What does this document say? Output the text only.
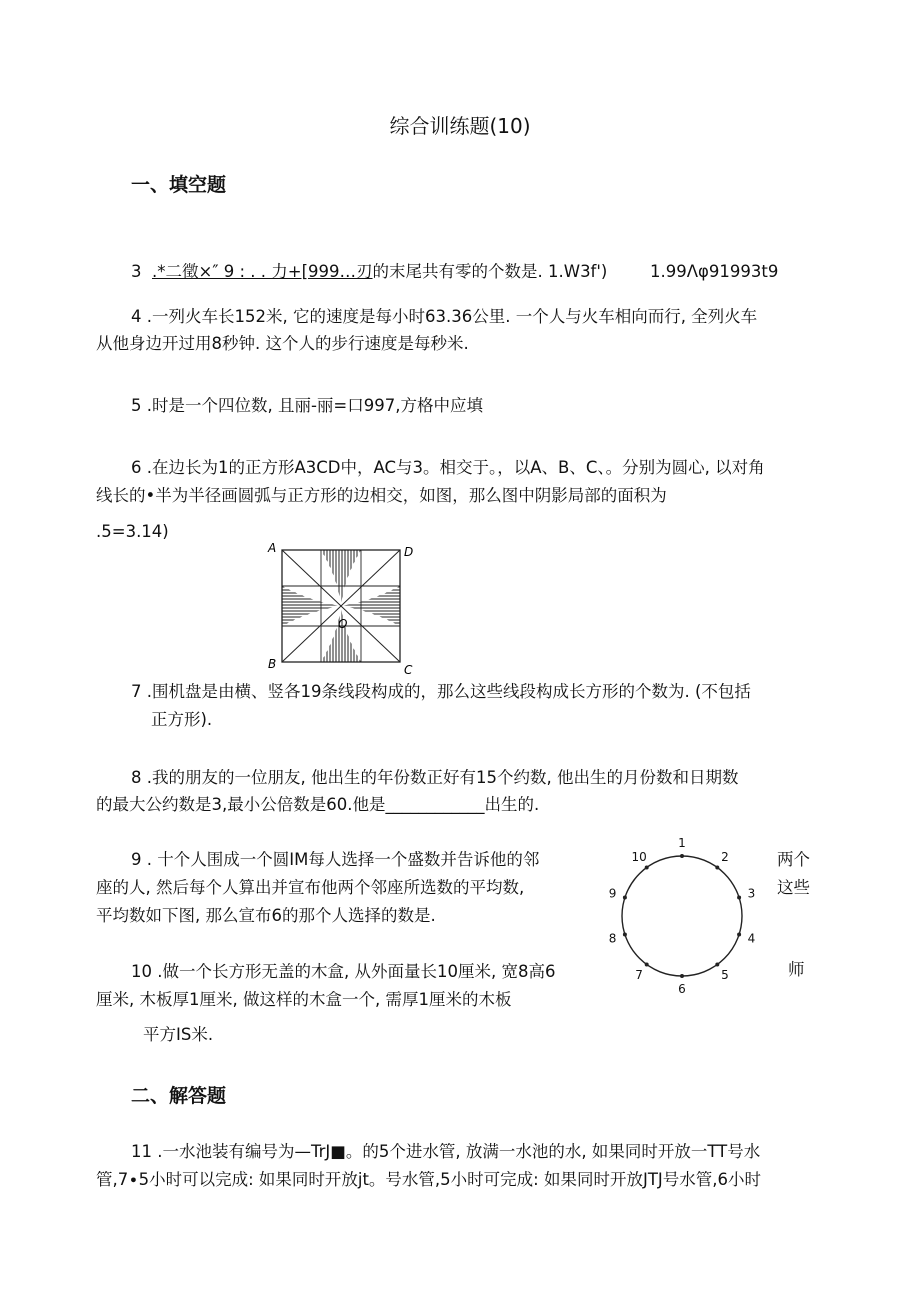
综合训练题(10)
一、填空题
3 .*二徵×″ 9 : . . 力+[999…刃的末尾共有零的个数是. 1.W3f')	1.99Λφ91993t9
4 .一列火车长152米, 它的速度是每小时63.36公里. 一个人与火车相向而行, 全列火车
从他身边开过用8秒钟. 这个人的步行速度是每秒米.
5 .时是一个四位数, 且丽-丽=口997,方格中应填
6 .在边长为1的正方形A3CD中，AC与3。相交于。，以A、B、C、。分别为圆心, 以对角
线长的•半为半径画圆弧与正方形的边相交，如图，那么图中阴影局部的面积为
.5=3.14)
A
B	C
D
O
7 .围机盘是由横、竖各19条线段构成的，那么这些线段构成长方形的个数为. (不包括
正方形).
8 .我的朋友的一位朋友, 他出生的年份数正好有15个约数, 他出生的月份数和日期数
的最大公约数是3,最小公倍数是60.他是____________出生的.
9 . 十个人围成一个圆IM每人选择一个盛数并告诉他的邻
座的人, 然后每个人算出并宣布他两个邻座所选数的平均数,
平均数如下图, 那么宣布6的那个人选择的数是.
两个
这些
师
1
2
3
4
5
6
7
8
9
10
10 .做一个长方形无盖的木盒, 从外面量长10厘米, 宽8高6
厘米, 木板厚1厘米, 做这样的木盒一个, 需厚1厘米的木板
平方IS米.
二、解答题
11 .一水池装有编号为—TrJ■。的5个进水管, 放满一水池的水, 如果同时开放一TT号水
管,7∙5小时可以完成: 如果同时开放jt。号水管,5小时可完成: 如果同时开放JTJ号水管,6小时
